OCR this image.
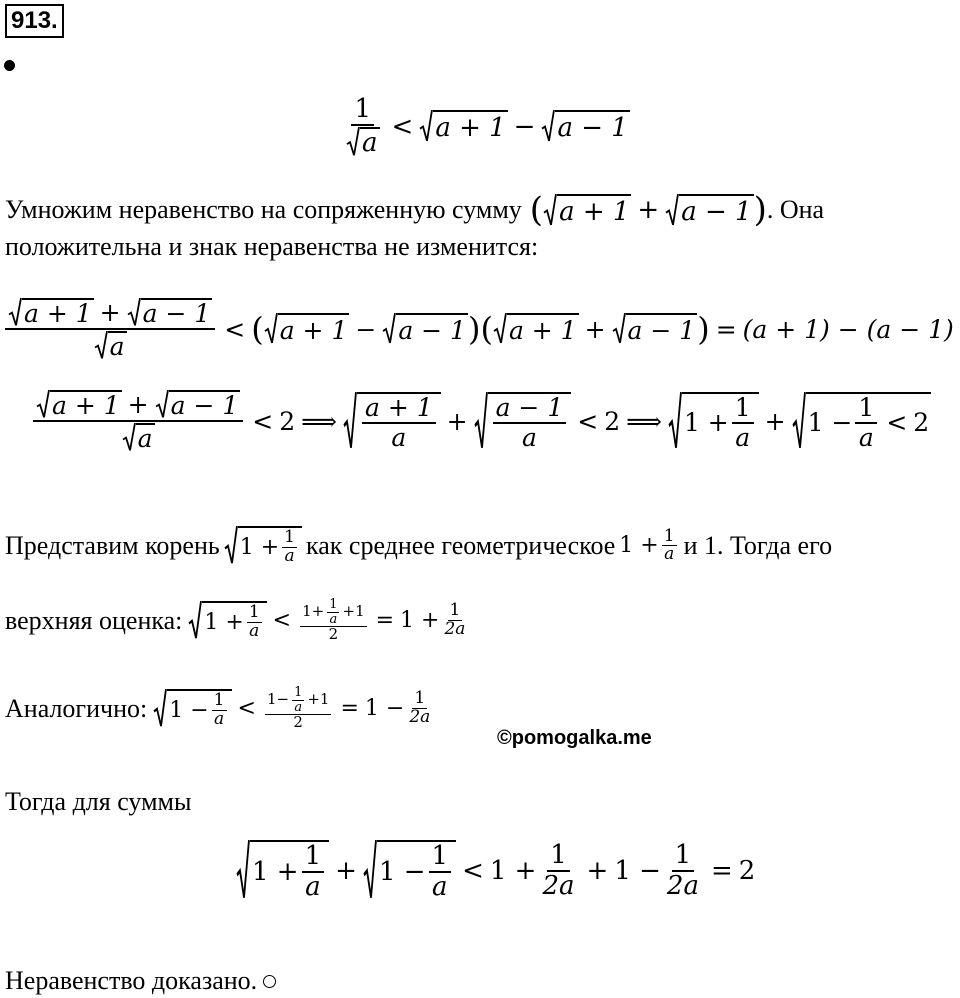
913.
$\frac{1}{a} < a + 1 - a - 1$
Умножим неравенство на сопряженную сумму ( a + 1 + a − 1 ) . Она
положительна и знак неравенства не изменится:
$\frac{a + 1 + a - 1}{a}$ < ( a + 1 − a − 1 ) ( a + 1 + a − 1 ) = (a + 1) − (a − 1)
$\frac{a + 1 + a - 1}{a} < 2$ ⟹ $\frac{a + 1}{a} + \frac{a - 1}{a} < 2$ ⟹ $1 + \frac{1}{a} + 1 - \frac{1}{a} < 2$
Представим корень $1 + \frac{1}{a}$ как среднее геометрическое $1 + \frac{1}{a}$ и 1. Тогда его
верхняя оценка: $1 + \frac{1}{a} < \frac{1 + \frac{1}{a} + 1}{2} = 1 + \frac{1}{2a}$
Аналогично: $1 - \frac{1}{a} < \frac{1 - \frac{1}{a} + 1}{2} = 1 - \frac{1}{2a}$
©pomogalka.me
Тогда для суммы
$1 + \frac{1}{a} + 1 - \frac{1}{a} < 1 + \frac{1}{2a} + 1 - \frac{1}{2a} = 2$
Неравенство доказано.
